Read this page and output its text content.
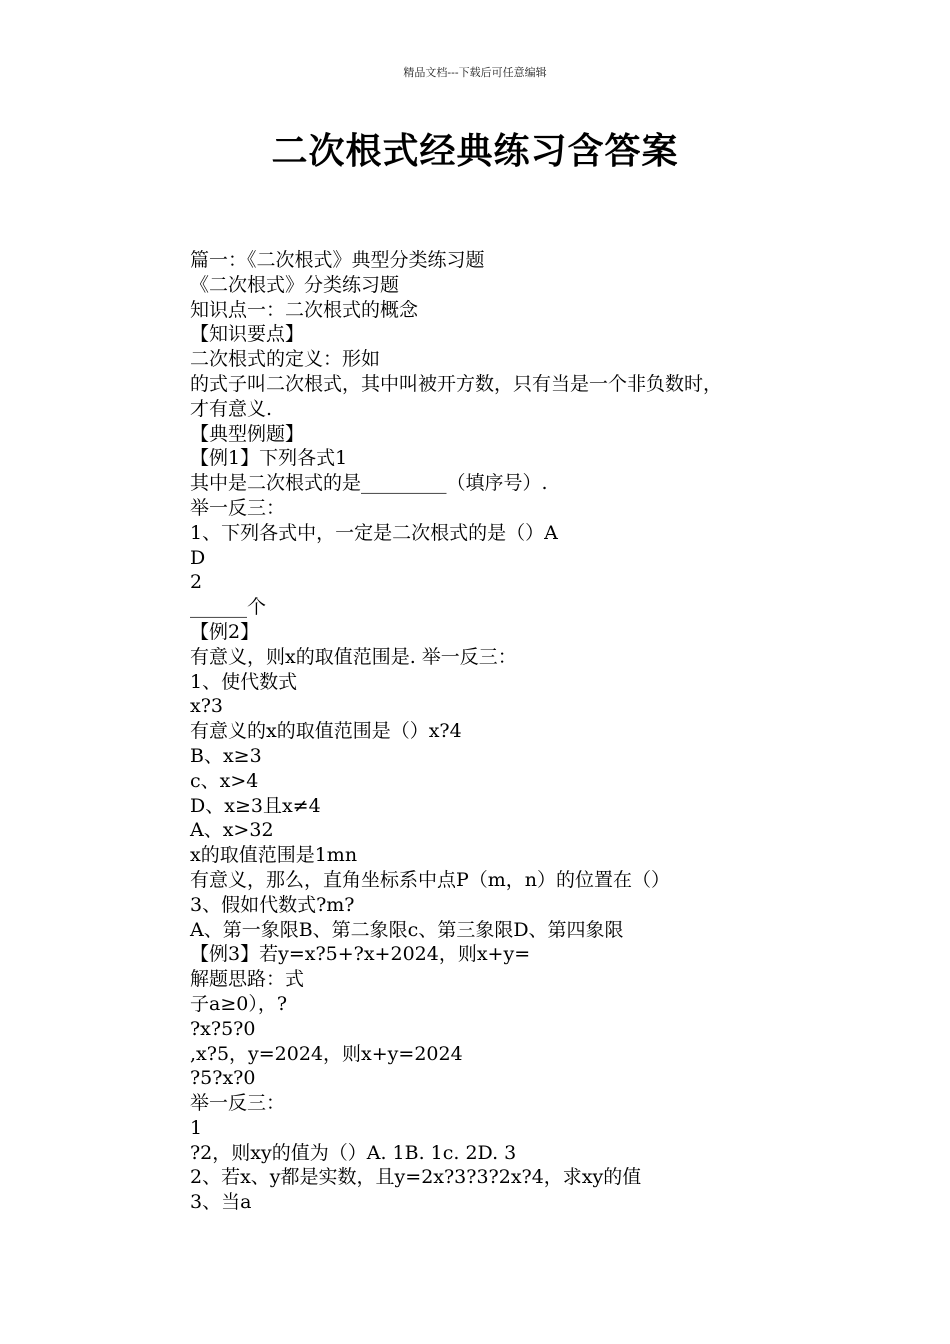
精品文档---下载后可任意编辑
二次根式经典练习含答案
篇一：《二次根式》典型分类练习题
《二次根式》分类练习题
知识点一：二次根式的概念
【知识要点】
二次根式的定义：形如
的式子叫二次根式，其中叫被开方数，只有当是一个非负数时，
才有意义.
【典型例题】
【例1】下列各式1
其中是二次根式的是_________（填序号）.
举一反三：
1、下列各式中，一定是二次根式的是（）A
D
2
______个
【例2】
有意义，则x的取值范围是. 举一反三：
1、使代数式
x?3
有意义的x的取值范围是（）x?4
B、x≥3
c、x>4
D、x≥3且x≠4
A、x>32
x的取值范围是1mn
有意义，那么，直角坐标系中点P（m，n）的位置在（）
3、假如代数式?m?
A、第一象限B、第二象限c、第三象限D、第四象限
【例3】若y=x?5+?x+2024，则x+y=
解题思路：式
子a≥0），?
?x?5?0
,x?5，y=2024，则x+y=2024
?5?x?0
举一反三：
1
?2，则xy的值为（）A. 1B. 1c. 2D. 3
2、若x、y都是实数，且y=2x?3?3?2x?4，求xy的值
3、当a
